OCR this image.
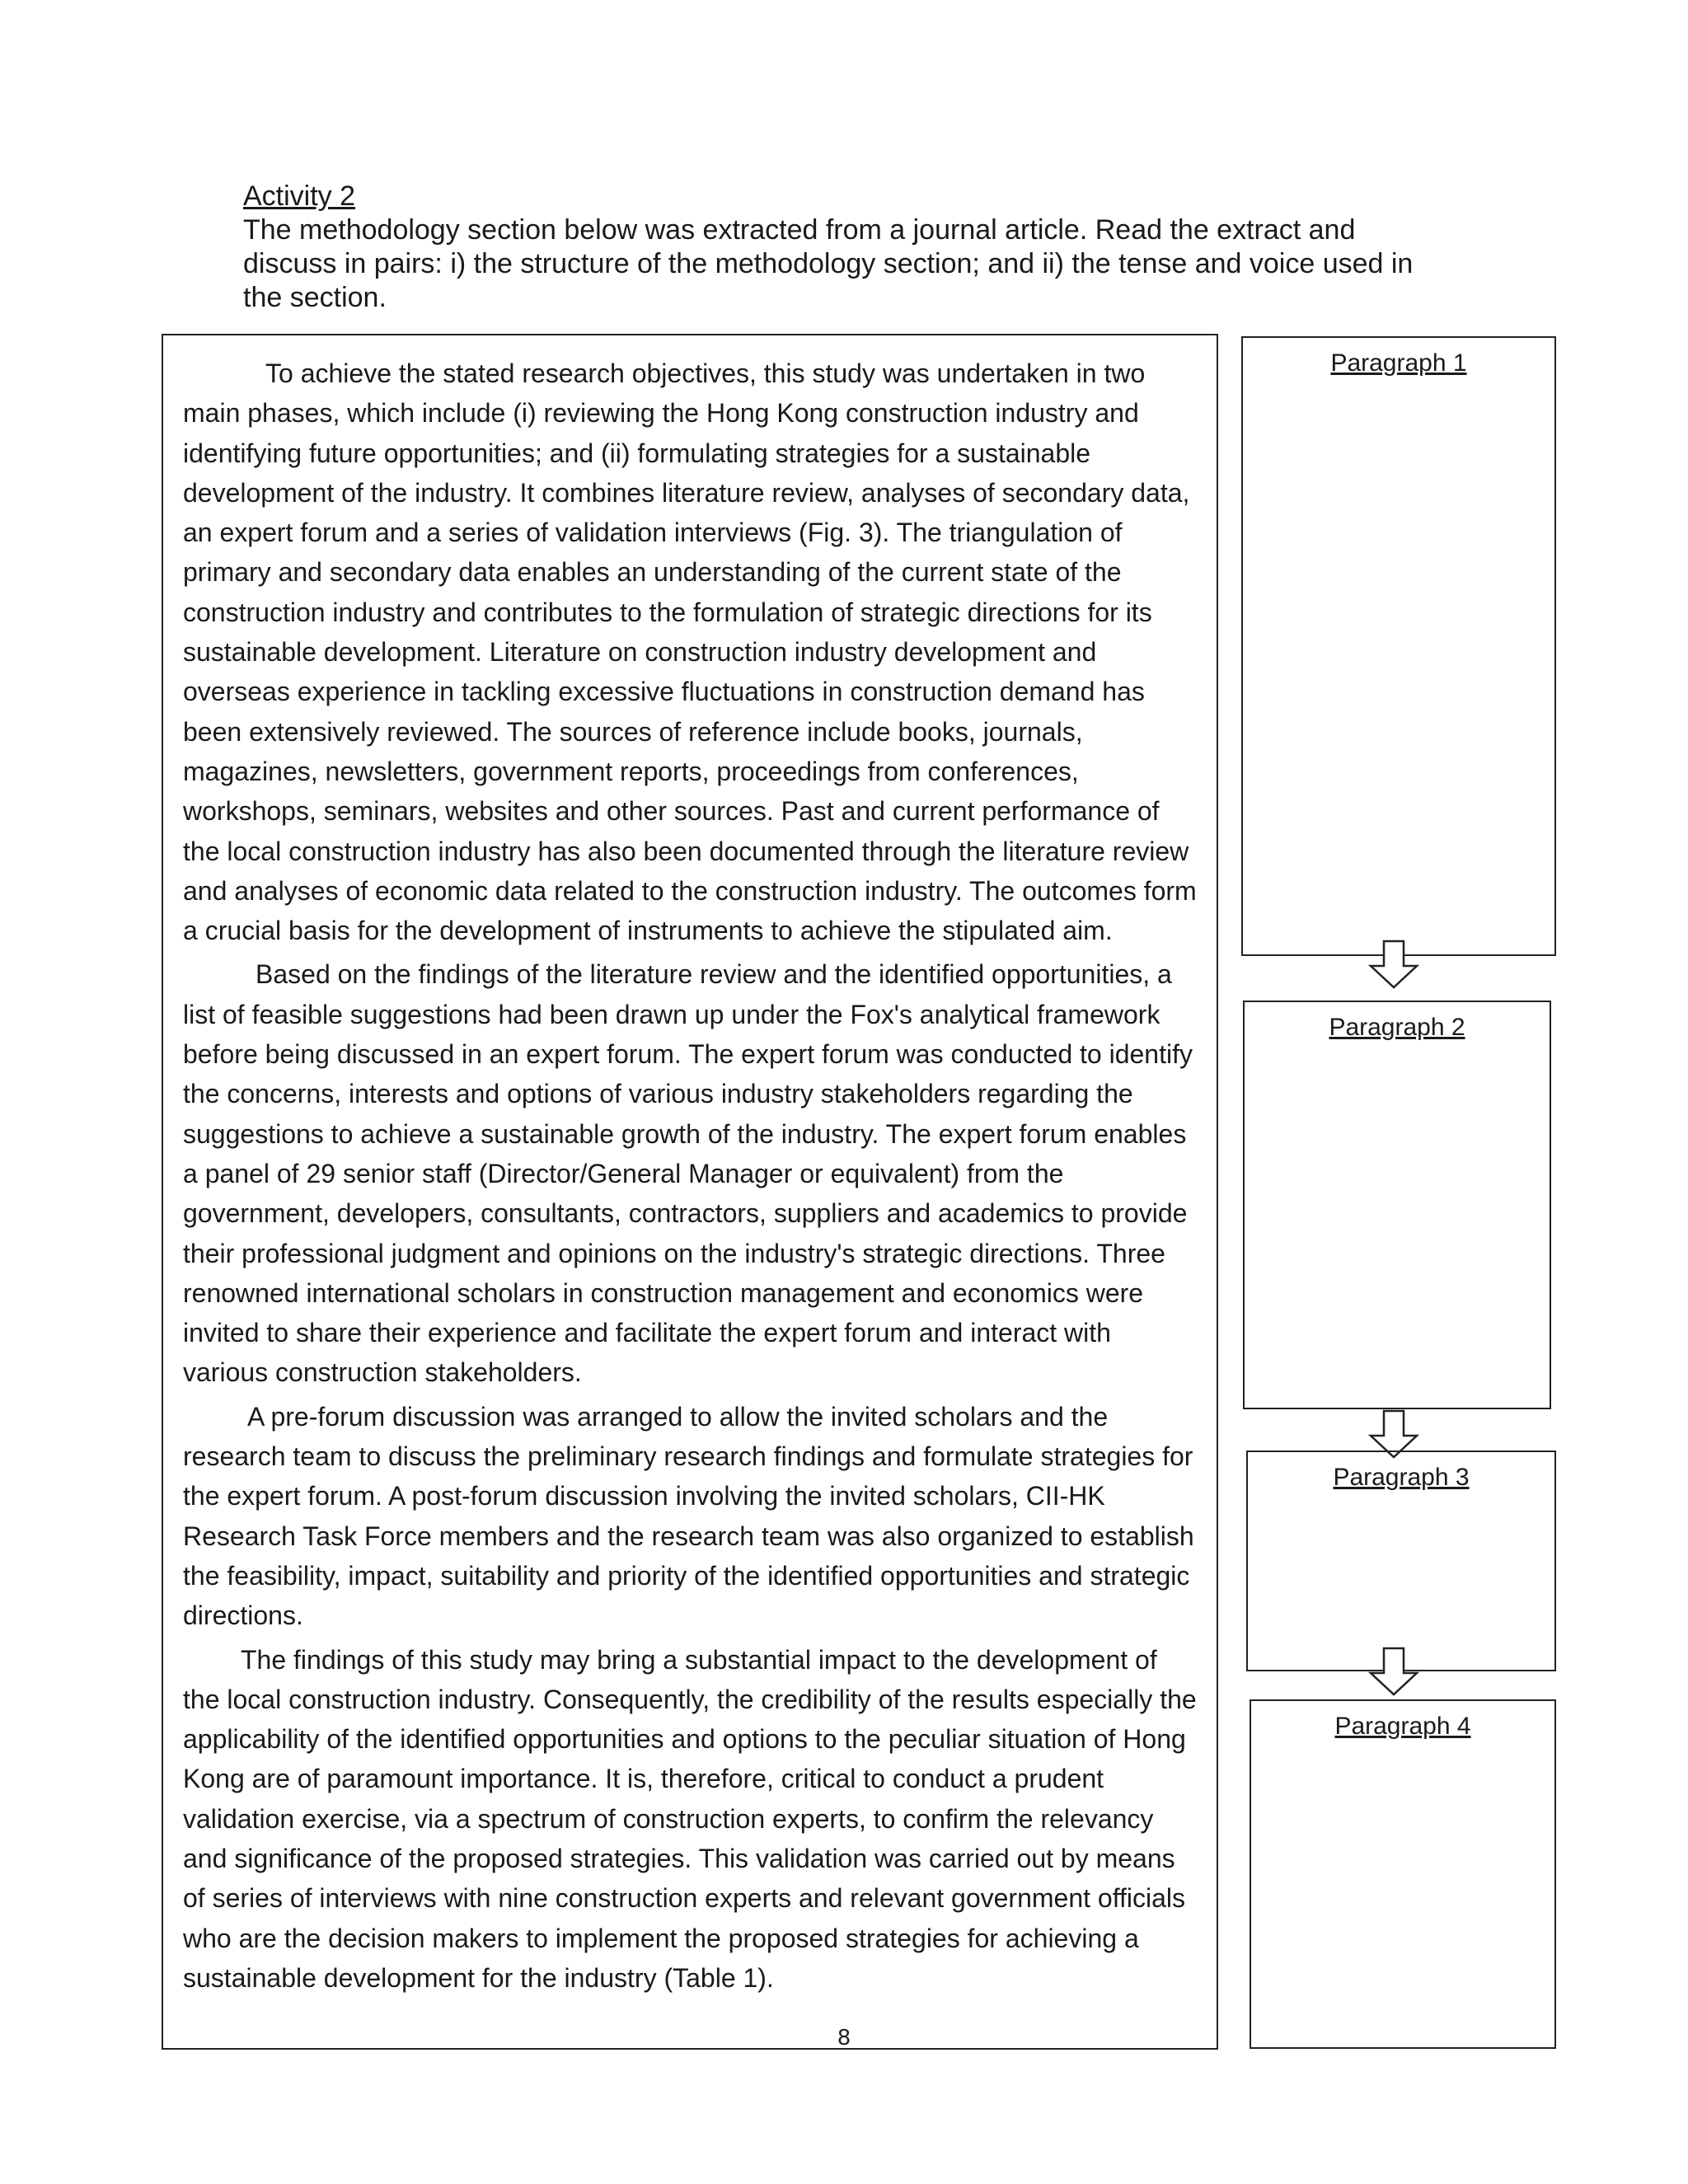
Activity 2
The methodology section below was extracted from a journal article. Read the extract and discuss in pairs: i) the structure of the methodology section; and ii) the tense and voice used in the section.

To achieve the stated research objectives, this study was undertaken in two main phases, which include (i) reviewing the Hong Kong construction industry and identifying future opportunities; and (ii) formulating strategies for a sustainable development of the industry. It combines literature review, analyses of secondary data, an expert forum and a series of validation interviews (Fig. 3). The triangulation of primary and secondary data enables an understanding of the current state of the construction industry and contributes to the formulation of strategic directions for its sustainable development. Literature on construction industry development and overseas experience in tackling excessive fluctuations in construction demand has been extensively reviewed. The sources of reference include books, journals, magazines, newsletters, government reports, proceedings from conferences, workshops, seminars, websites and other sources. Past and current performance of the local construction industry has also been documented through the literature review and analyses of economic data related to the construction industry. The outcomes form a crucial basis for the development of instruments to achieve the stipulated aim.

Based on the findings of the literature review and the identified opportunities, a list of feasible suggestions had been drawn up under the Fox's analytical framework before being discussed in an expert forum. The expert forum was conducted to identify the concerns, interests and options of various industry stakeholders regarding the suggestions to achieve a sustainable growth of the industry. The expert forum enables a panel of 29 senior staff (Director/General Manager or equivalent) from the government, developers, consultants, contractors, suppliers and academics to provide their professional judgment and opinions on the industry's strategic directions. Three renowned international scholars in construction management and economics were invited to share their experience and facilitate the expert forum and interact with various construction stakeholders.

A pre-forum discussion was arranged to allow the invited scholars and the research team to discuss the preliminary research findings and formulate strategies for the expert forum. A post-forum discussion involving the invited scholars, CII-HK Research Task Force members and the research team was also organized to establish the feasibility, impact, suitability and priority of the identified opportunities and strategic directions.

The findings of this study may bring a substantial impact to the development of the local construction industry. Consequently, the credibility of the results especially the applicability of the identified opportunities and options to the peculiar situation of Hong Kong are of paramount importance. It is, therefore, critical to conduct a prudent validation exercise, via a spectrum of construction experts, to confirm the relevancy and significance of the proposed strategies. This validation was carried out by means of series of interviews with nine construction experts and relevant government officials who are the decision makers to implement the proposed strategies for achieving a sustainable development for the industry (Table 1).

Paragraph 1
Paragraph 2
Paragraph 3
Paragraph 4
8
